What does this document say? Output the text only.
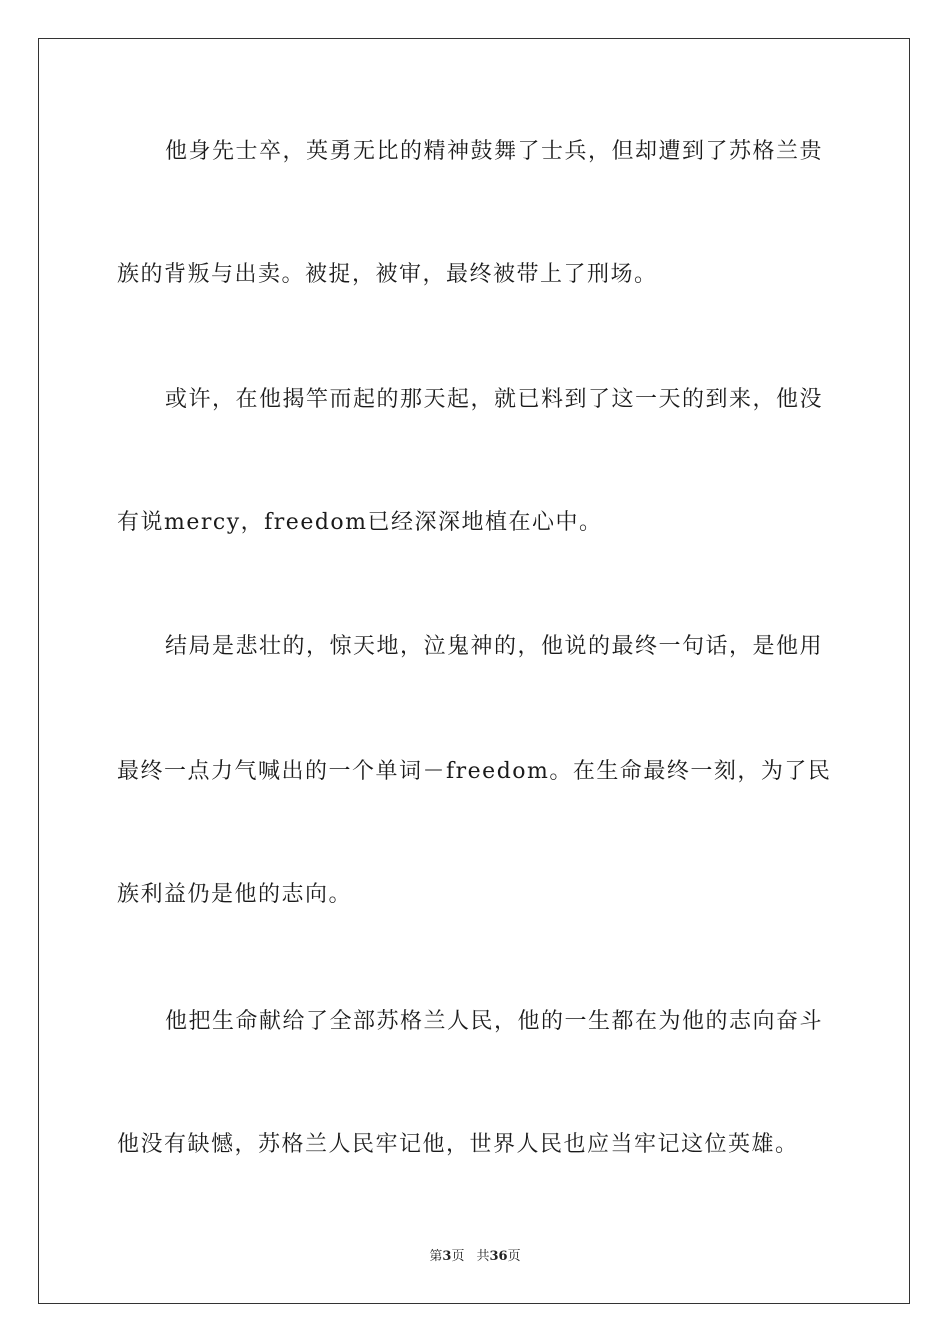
他身先士卒，英勇无比的精神鼓舞了士兵，但却遭到了苏格兰贵
族的背叛与出卖。被捉，被审，最终被带上了刑场。
或许，在他揭竿而起的那天起，就已料到了这一天的到来，他没
有说mercy，freedom已经深深地植在心中。
结局是悲壮的，惊天地，泣鬼神的，他说的最终一句话，是他用
最终一点力气喊出的一个单词－freedom。在生命最终一刻，为了民
族利益仍是他的志向。
他把生命献给了全部苏格兰人民，他的一生都在为他的志向奋斗
他没有缺憾，苏格兰人民牢记他，世界人民也应当牢记这位英雄。
第3页 共36页
